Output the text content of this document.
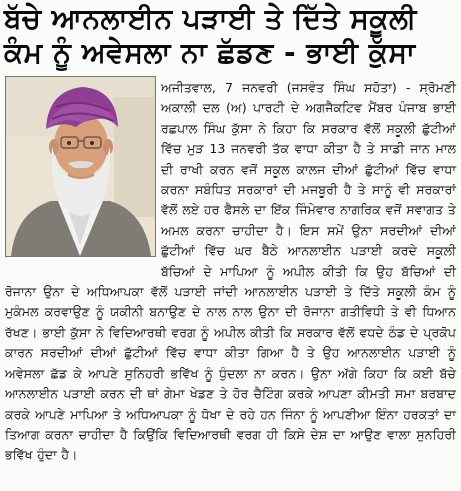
ਬੱਚੇ ਆਨਲਾਈਨ ਪੜਾਈ ਤੇ ਦਿੱਤੇ ਸਕੂਲੀ ਕੰਮ ਨੂੰ ਅਵੇਸਲਾ ਨਾ ਛੱਡਣ - ਭਾਈ ਕੁੱਸਾ
ਅਜੀਤਵਾਲ, 7 ਜਨਵਰੀ (ਜਸਵੰਤ ਸਿੰਘ ਸਹੋਤਾ) - ਸ੍ਰੋਮਣੀ ਅਕਾਲੀ ਦਲ (ਅ) ਪਾਰਟੀ ਦੇ ਅਗਜੈਕਟਿਵ ਮੈਂਬਰ ਪੰਜਾਬ ਭਾਈ ਰਛਪਾਲ ਸਿੰਘ ਕੁੱਸਾ ਨੇ ਕਿਹਾ ਕਿ ਸਰਕਾਰ ਵੱਲੋਂ ਸਕੂਲੀ ਛੁੱਟੀਆਂ ਵਿੱਚ ਮੁੜ 13 ਜਨਵਰੀ ਤੱਕ ਵਾਧਾ ਕੀਤਾ ਹੈ ਤੇ ਸਾਡੀ ਜਾਨ ਮਾਲ ਦੀ ਰਾਖੀ ਕਰਨ ਵਜੋਂ ਸਕੂਲ ਕਾਲਜ ਦੀਆਂ ਛੁੱਟੀਆਂ ਵਿੱਚ ਵਾਧਾ ਕਰਨਾ ਸਬੰਧਿਤ ਸਰਕਾਰਾਂ ਦੀ ਮਜਬੂਰੀ ਹੈ ਤੇ ਸਾਨੂੰ ਵੀ ਸਰਕਾਰਾਂ ਵੱਲੋਂ ਲਏ ਹਰ ਫੈਸਲੇ ਦਾ ਇੱਕ ਜਿੰਮੇਵਾਰ ਨਾਗਰਿਕ ਵਜੋਂ ਸਵਾਗਤ ਤੇ ਅਮਲ ਕਰਨਾ ਚਾਹੀਦਾ ਹੈ। ਇਸ ਸਮੇਂ ਉਨਾ ਸਰਦੀਆਂ ਦੀਆਂ ਛੁੱਟੀਆਂ ਵਿੱਚ ਘਰ ਬੈਠੇ ਆਨਲਾਈਨ ਪੜਾਈ ਕਰਦੇ ਸਕੂਲੀ ਬੱਚਿਆਂ ਦੇ ਮਾਪਿਆ ਨੂੰ ਅਪੀਲ ਕੀਤੀ ਕਿ ਉਹ ਬੱਚਿਆਂ ਦੀ ਰੋਜਾਨਾ ਉਨਾ ਦੇ ਅਧਿਆਪਕਾ ਵੱਲੋਂ ਪੜਾਈ ਜਾਂਦੀ ਆਨਲਾਈਨ ਪੜਾਈ ਤੇ ਦਿੱਤੇ ਸਕੂਲੀ ਕੰਮ ਨੂੰ ਮੁਕੰਮਲ ਕਰਵਾਉਣ ਨੂੰ ਯਕੀਨੀ ਬਨਾਉਣ ਦੇ ਨਾਲ ਨਾਲ ਉਨਾ ਦੀ ਰੋਜਾਨਾ ਗਤੀਵਿਧੀ ਤੇ ਵੀ ਧਿਆਨ ਰੱਖਣ। ਭਾਈ ਕੁੱਸਾ ਨੇ ਵਿਦਿਆਰਥੀ ਵਰਗ ਨੂੰ ਅਪੀਲ ਕੀਤੀ ਕਿ ਸਰਕਾਰ ਵੱਲੋਂ ਵਧਦੇ ਠੰਡ ਦੇ ਪ੍ਰਕੋਪ ਕਾਰਨ ਸਰਦੀਆਂ ਦੀਆਂ ਛੁੱਟੀਆਂ ਵਿੱਚ ਵਾਧਾ ਕੀਤਾ ਗਿਆ ਹੈ ਤੇ ਉਹ ਆਨਲਾਈਨ ਪੜਾਈ ਨੂੰ ਅਵੇਸਲਾ ਛੱਡ ਕੇ ਆਪਣੇ ਸੁਨਿਹਰੀ ਭਵਿੱਖ ਨੂੰ ਧੁੰਦਲਾ ਨਾ ਕਰਨ। ਉਨਾ ਅੱਗੇ ਕਿਹਾ ਕਿ ਕਈ ਬੱਚੇ ਆਨਲਾਈਨ ਪੜਾਈ ਕਰਨ ਦੀ ਥਾਂ ਗੇਮਾ ਖੇਡਣ ਤੇ ਹੋਰ ਚੈਟਿੰਗ ਕਰਕੇ ਆਪਣਾ ਕੀਮਤੀ ਸਮਾ ਬਰਬਾਦ ਕਰਕੇ ਆਪਣੇ ਮਾਪਿਆ ਤੇ ਅਧਿਆਪਕਾ ਨੂੰ ਧੋਖਾ ਦੇ ਰਹੇ ਹਨ ਜਿੰਨਾ ਨੂੰ ਆਪਣੀਆ ਇੰਨਾ ਹਰਕਤਾਂ ਦਾ ਤਿਆਗ ਕਰਨਾ ਚਾਹੀਦਾ ਹੈ ਕਿਉਂਕਿ ਵਿਦਿਆਰਥੀ ਵਰਗ ਹੀ ਕਿਸੇ ਦੇਸ਼ ਦਾ ਆਉਣ ਵਾਲਾ ਸੁਨਹਿਰੀ ਭਵਿੱਖ ਹੁੰਦਾ ਹੈ।
